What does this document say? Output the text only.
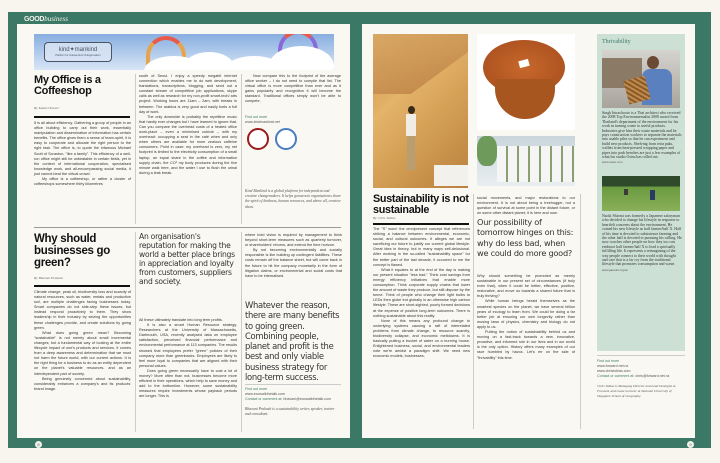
GOODbusiness
kind✦mankind
Platform for Independent Changemakers
My Office is a Coffeeshop
By Kamiel Kreuer

It is all about efficiency. Gathering a group of people in an office building to carry out their work, essentially manipulation and dissemination of information has certain benefits. The office gives them a sense of team-spirit, it is easy to cooperate and allocate the right person to the right task. The office is, to quote the infamous Michael Scott of Scranton, "like a family". This efficiency of a well-run office might still be unbeatable in certain fields, yet in the context of international cooperation, specialised knowledge work, and all-encompassing social media, it just cannot beat the virtual crowd.

My office is a coffeeshop, or rather a cluster of coffeeshops somewhere thirty kilometres

south of Seoul. I enjoy a speedy megabit internet connection which enables me to do web development, translations, transcriptions, blogging, and send out a constant stream of competitive job applications, skype calls as well as research for my non-profit smart-tech/ arts project. Working hours are 11am – 2am, with breaks in between. The arabica is very good and easily fuels a full day of work.

The only downside is probably the repetitive music that hardly ever changes but I have learned to ignore that. Can you compare the overhead costs of a heated office work-place – even a minimised cubicle – with my overhead: occupying a seat in the café when and only when others are available for more zealous caffeine consumers. Point in case: my overhead is zero, my net footprint is limited to the electricity consumption of a small laptop, an equal share in the coffee and information supply chain, the CO² my body produces during the five minute walk here, and the water I use to flush the urinal during a leak break.

Now compare this to the footprint of the average office worker – I do not need to compile that list. The virtual office is more competitive than ever and as it gains popularity and recognition it will become the standard. Traditional offices simply won't be able to compete.

Find out more
www.kindmankind.net
Kind Mankind is a global platform for independent and creative changemakers. It helps grassroots organisations share the spirit of kindness, human resources, and above all, creative ideas.
Why should businesses go green?
By Bhavani Prakash

Climate change, peak oil, biodiversity loss and scarcity of natural resources, such as water, metals and productive soil, are multiple challenges facing businesses today. Smart companies do not side-step these issues; but instead respond proactively to them. They show leadership in their industry by seizing the opportunities these challenges provide, and create solutions by going green.

What does going green mean? Becoming "sustainable" is not merely about small incremental changes; but a fundamental way of looking at the entire lifecycle impact of one's products and services. It comes from a deep awareness and determination that we must not harm the future world, with our current actions. It is the right thing for a business to do as an entity dependent on the planet's valuable resources, and as an interdependent part of society.

Being genuinely concerned about sustainability, considerably enhances a company's and its products' brand image.

An organisation's reputation for making the world a better place brings in appreciation and loyalty from customers, suppliers and society.

All these ultimately translate into long term profits.

It is also a smart Human Resource strategy. Researchers at the University of Massachusetts, Dartmouth, USA, recently analysed data on employee satisfaction, perceived financial performance and environmental performance at 113 companies. The results showed that employees prefer "green" policies of their company more than greenbacks. Employees are likely to feel more loyal to companies that are aligned with their personal values.

Does going green necessarily have to cost a lot of money? More often than not, businesses become more efficient in their operations, which help to save money and add to the bottomline. However, some sustainability measures require investments whose payback periods are longer. This is

where bold vision is required by management to think beyond short-term measures such as quarterly turnover, or shareholders' returns, and extend the time horizon.

By not becoming environmentally and socially responsible is like building up contingent liabilities. These costs remain off the balance sheet, but will come back in the future to hit the company monetarily in the form of litigation claims, or environmental and social costs that have to be internalised.

Whatever the reason, there are many benefits to going green. Combining people, planet and profit is the best and only viable business strategy for long-term success.
Find out more
www.ecowalkthetalk.com
Contact or comment at: bhavani@ecowalkthetalk.com
Bhavani Prakash is a sustainability writer, speaker, trainer and consultant.
Sustainability is not sustainable
By Chris Tobias

The "S" word: the omnipresent concept that references striking a balance between environmental, economic, social, and cultural outcomes. It alleges we are not sacrificing our future to justify our current global lifestyle. Great idea in theory, but in many ways self-delusional. After working in the so-called "sustainability space" for the better part of the last decade, it occurred to me the concept is flawed.

What it equates to at the end of the day is making our present situation "less bad." Think cost savings from energy efficiency initiatives that enable more consumption. Think corporate supply chains that lower the amount of waste they produce, but still dispose by the tonne. Think of people who change their light bulbs to LEDs then globe trot globally in an otherwise high carbon lifestyle. These are short-sighted, poorly formed decisions at the expense of positive long-term outcomes. There is nothing sustainable about this reality.

None of this means any profound change to underlying systems causing a raft of interrelated problems from climate change, to resource scarcity, biodiversity collapse, and economic meltdowns. It is basically putting a bucket of water on a burning house. Enlightened business, social, and environmental leaders note we're amidst a paradigm shift. We need new economic models, businesses,

social movements, and major restorations to our environment. It is not about being a treehugger, not a question of survival at some point in the distant future, or on some other distant planet; it is here and now.

Our possibility of tomorrow hinges on this: why do less bad, when we could do more good?

Why should something be promoted as merely sustainable in our present set of circumstances (if truly even that), when it could be better, effective, positive, restorative, and move us towards a shared future that is truly thriving?

While human beings herald themselves as the smartest species on the planet, we have several billion years of ecology to learn from. We could be doing a far better job at ensuring our own longevity rather than musing laws of physics, chemistry and biology do not apply to us.

Putting the notion of sustainability behind us and moving on a fast-track towards a new, innovative, proactive, and informed role in our lives and in our world is the only option. History offers many examples of our race humbled by havoc. Let's err on the side of "thrivability" this time.

Thrivability
Singh Intrachooto is a Thai architect who received the 2008 Top Environmentalist 2008 award from Thailand's department of the environment for his work in turning waste to useful products. Industries give him their waste materials and he pays construction workers to separate the materials into usable piles so that he can experiment and build new products. Shelving from tetra paks, wallets from heat-pressed wrapping paper and pipes into park benches are just a few examples of what his studio Osisu has rolled out.
www.osisu.com
Naoki Shiomi was formerly a Japanese salaryman who decided to change his lifestyle in response to heartfelt concerns about the environment. He coined his new lifestyle as half farmer/half X. Half of his time is devoted to subsistence farming and the other half is devoted to pursuing his calling. He now coaches other people on how they too can embrace half farmer/half X to lead a spiritually fulfilling life. It represents a reimagining of the way people connect to their world with thought and care that is a far cry from the traditional lifestyle that promotes consumption and waste.
www.japanfs.org/en
Find out more
www.forward.net.nz
www.christobias.com
Contact or comment at: chris@forward.net.nz
Chris Tobias is Managing Director and Lead Strategist at Forward, and Guest Lecturer at National University of Singapore School of Geography.
8	9
